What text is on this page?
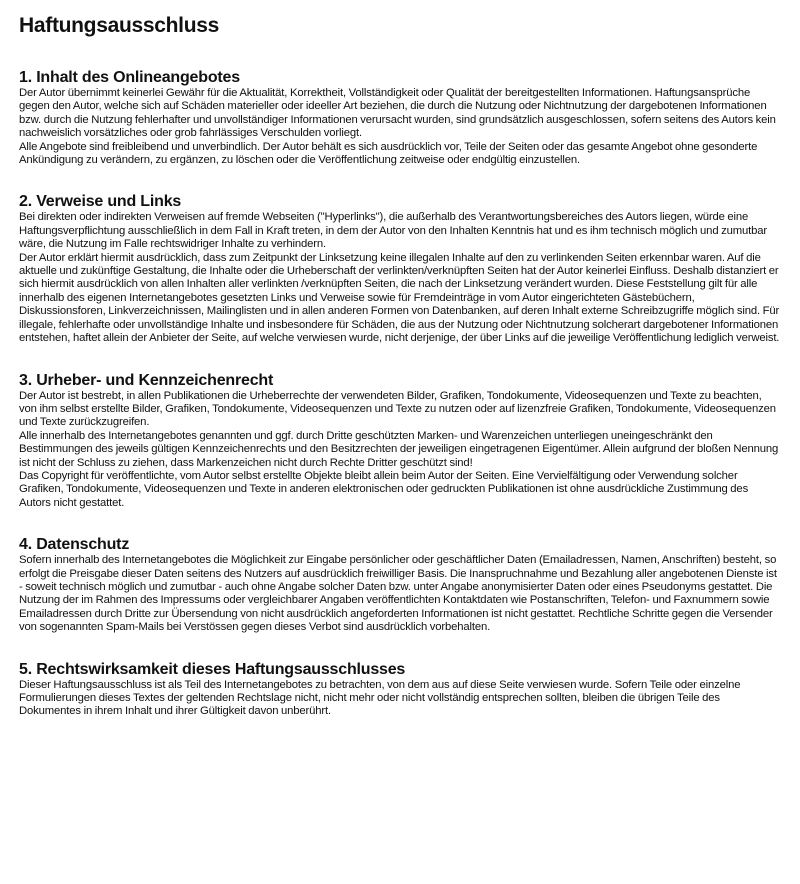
Haftungsausschluss
1. Inhalt des Onlineangebotes

Der Autor übernimmt keinerlei Gewähr für die Aktualität, Korrektheit, Vollständigkeit oder Qualität der bereitgestellten Informationen. Haftungsansprüche gegen den Autor, welche sich auf Schäden materieller oder ideeller Art beziehen, die durch die Nutzung oder Nichtnutzung der dargebotenen Informationen bzw. durch die Nutzung fehlerhafter und unvollständiger Informationen verursacht wurden, sind grundsätzlich ausgeschlossen, sofern seitens des Autors kein nachweislich vorsätzliches oder grob fahrlässiges Verschulden vorliegt.

Alle Angebote sind freibleibend und unverbindlich. Der Autor behält es sich ausdrücklich vor, Teile der Seiten oder das gesamte Angebot ohne gesonderte Ankündigung zu verändern, zu ergänzen, zu löschen oder die Veröffentlichung zeitweise oder endgültig einzustellen.

2. Verweise und Links

Bei direkten oder indirekten Verweisen auf fremde Webseiten ("Hyperlinks"), die außerhalb des Verantwortungsbereiches des Autors liegen, würde eine Haftungsverpflichtung ausschließlich in dem Fall in Kraft treten, in dem der Autor von den Inhalten Kenntnis hat und es ihm technisch möglich und zumutbar wäre, die Nutzung im Falle rechtswidriger Inhalte zu verhindern.

Der Autor erklärt hiermit ausdrücklich, dass zum Zeitpunkt der Linksetzung keine illegalen Inhalte auf den zu verlinkenden Seiten erkennbar waren. Auf die aktuelle und zukünftige Gestaltung, die Inhalte oder die Urheberschaft der verlinkten/verknüpften Seiten hat der Autor keinerlei Einfluss. Deshalb distanziert er sich hiermit ausdrücklich von allen Inhalten aller verlinkten /verknüpften Seiten, die nach der Linksetzung verändert wurden. Diese Feststellung gilt für alle innerhalb des eigenen Internetangebotes gesetzten Links und Verweise sowie für Fremdeinträge in vom Autor eingerichteten Gästebüchern, Diskussionsforen, Linkverzeichnissen, Mailinglisten und in allen anderen Formen von Datenbanken, auf deren Inhalt externe Schreibzugriffe möglich sind. Für illegale, fehlerhafte oder unvollständige Inhalte und insbesondere für Schäden, die aus der Nutzung oder Nichtnutzung solcherart dargebotener Informationen entstehen, haftet allein der Anbieter der Seite, auf welche verwiesen wurde, nicht derjenige, der über Links auf die jeweilige Veröffentlichung lediglich verweist.

3. Urheber- und Kennzeichenrecht

Der Autor ist bestrebt, in allen Publikationen die Urheberrechte der verwendeten Bilder, Grafiken, Tondokumente, Videosequenzen und Texte zu beachten, von ihm selbst erstellte Bilder, Grafiken, Tondokumente, Videosequenzen und Texte zu nutzen oder auf lizenzfreie Grafiken, Tondokumente, Videosequenzen und Texte zurückzugreifen.

Alle innerhalb des Internetangebotes genannten und ggf. durch Dritte geschützten Marken- und Warenzeichen unterliegen uneingeschränkt den Bestimmungen des jeweils gültigen Kennzeichenrechts und den Besitzrechten der jeweiligen eingetragenen Eigentümer. Allein aufgrund der bloßen Nennung ist nicht der Schluss zu ziehen, dass Markenzeichen nicht durch Rechte Dritter geschützt sind!

Das Copyright für veröffentlichte, vom Autor selbst erstellte Objekte bleibt allein beim Autor der Seiten. Eine Vervielfältigung oder Verwendung solcher Grafiken, Tondokumente, Videosequenzen und Texte in anderen elektronischen oder gedruckten Publikationen ist ohne ausdrückliche Zustimmung des Autors nicht gestattet.

4. Datenschutz

Sofern innerhalb des Internetangebotes die Möglichkeit zur Eingabe persönlicher oder geschäftlicher Daten (Emailadressen, Namen, Anschriften) besteht, so erfolgt die Preisgabe dieser Daten seitens des Nutzers auf ausdrücklich freiwilliger Basis. Die Inanspruchnahme und Bezahlung aller angebotenen Dienste ist - soweit technisch möglich und zumutbar - auch ohne Angabe solcher Daten bzw. unter Angabe anonymisierter Daten oder eines Pseudonyms gestattet. Die Nutzung der im Rahmen des Impressums oder vergleichbarer Angaben veröffentlichten Kontaktdaten wie Postanschriften, Telefon- und Faxnummern sowie Emailadressen durch Dritte zur Übersendung von nicht ausdrücklich angeforderten Informationen ist nicht gestattet. Rechtliche Schritte gegen die Versender von sogenannten Spam-Mails bei Verstössen gegen dieses Verbot sind ausdrücklich vorbehalten.

5. Rechtswirksamkeit dieses Haftungsausschlusses

Dieser Haftungsausschluss ist als Teil des Internetangebotes zu betrachten, von dem aus auf diese Seite verwiesen wurde. Sofern Teile oder einzelne Formulierungen dieses Textes der geltenden Rechtslage nicht, nicht mehr oder nicht vollständig entsprechen sollten, bleiben die übrigen Teile des Dokumentes in ihrem Inhalt und ihrer Gültigkeit davon unberührt.
